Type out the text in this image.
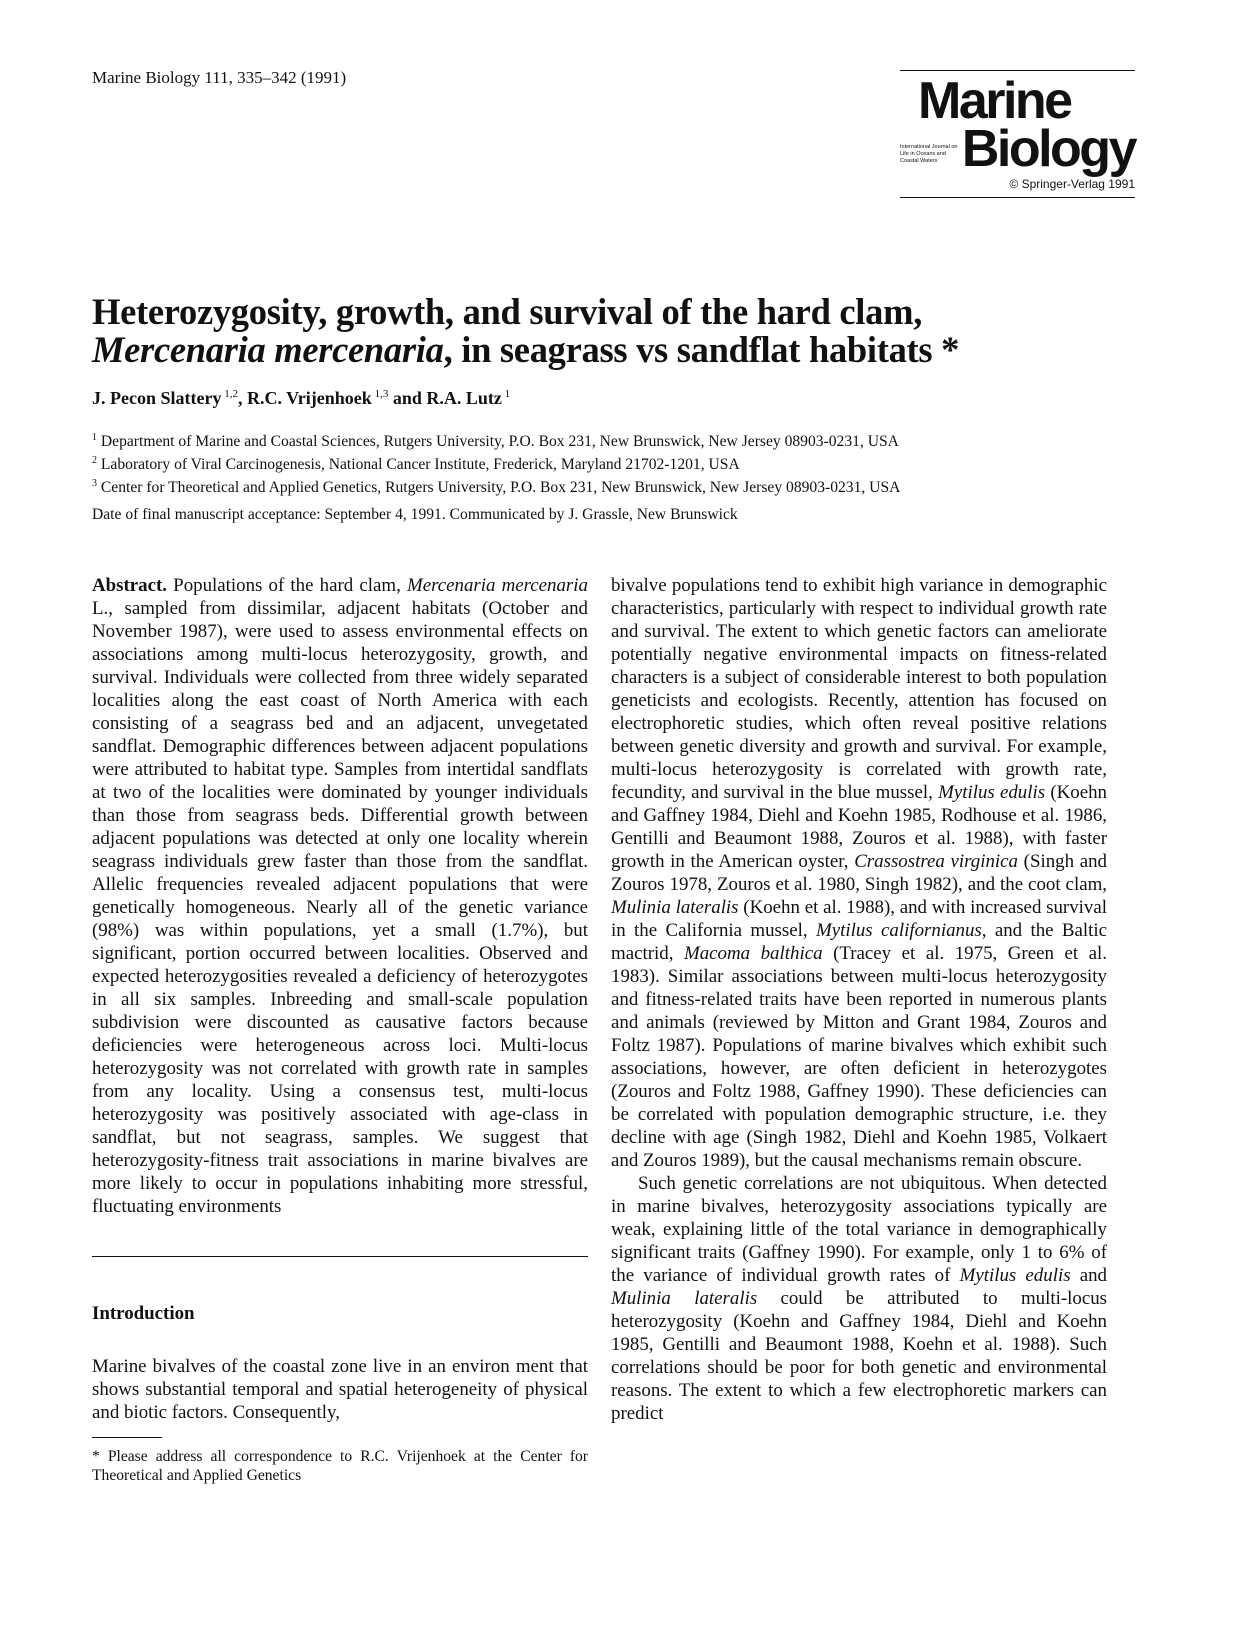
Marine Biology 111, 335–342 (1991)	Marine
International Journal on Life in Oceans and Coastal Waters Biology
© Springer-Verlag 1991
Heterozygosity, growth, and survival of the hard clam,
Mercenaria mercenaria, in seagrass vs sandflat habitats *
J. Pecon Slattery $^{1,2}$, R.C. Vrijenhoek $^{1,3}$ and R.A. Lutz $^1$
$^1$ Department of Marine and Coastal Sciences, Rutgers University, P.O. Box 231, New Brunswick, New Jersey 08903-0231, USA
$^2$ Laboratory of Viral Carcinogenesis, National Cancer Institute, Frederick, Maryland 21702-1201, USA
$^3$ Center for Theoretical and Applied Genetics, Rutgers University, P.O. Box 231, New Brunswick, New Jersey 08903-0231, USA
Date of final manuscript acceptance: September 4, 1991. Communicated by J. Grassle, New Brunswick

Abstract. Populations of the hard clam, Mercenaria mercenaria L., sampled from dissimilar, adjacent habitats (October and November 1987), were used to assess environmental effects on associations among multi-locus heterozygosity, growth, and survival. Individuals were collected from three widely separated localities along the east coast of North America with each consisting of a seagrass bed and an adjacent, unvegetated sandflat. Demographic differences between adjacent populations were attributed to habitat type. Samples from intertidal sandflats at two of the localities were dominated by younger individuals than those from seagrass beds. Differential growth between adjacent populations was detected at only one locality wherein seagrass individuals grew faster than those from the sandflat. Allelic frequencies revealed adjacent populations that were genetically homogeneous. Nearly all of the genetic variance (98%) was within populations, yet a small (1.7%), but significant, portion occurred between localities. Observed and expected heterozygosities revealed a deficiency of heterozygotes in all six samples. Inbreeding and small-scale population subdivision were discounted as causative factors because deficiencies were heterogeneous across loci. Multi-locus heterozygosity was not correlated with growth rate in samples from any locality. Using a consensus test, multi-locus heterozygosity was positively associated with age-class in sandflat, but not seagrass, samples. We suggest that heterozygosity-fitness trait associations in marine bivalves are more likely to occur in populations inhabiting more stressful, fluctuating environments

Introduction
Marine bivalves of the coastal zone live in an environ ment that shows substantial temporal and spatial heterogeneity of physical and biotic factors. Consequently,
* Please address all correspondence to R.C. Vrijenhoek at the Center for Theoretical and Applied Genetics

bivalve populations tend to exhibit high variance in demographic characteristics, particularly with respect to individual growth rate and survival. The extent to which genetic factors can ameliorate potentially negative environmental impacts on fitness-related characters is a subject of considerable interest to both population geneticists and ecologists. Recently, attention has focused on electrophoretic studies, which often reveal positive relations between genetic diversity and growth and survival. For example, multi-locus heterozygosity is correlated with growth rate, fecundity, and survival in the blue mussel, Mytilus edulis (Koehn and Gaffney 1984, Diehl and Koehn 1985, Rodhouse et al. 1986, Gentilli and Beaumont 1988, Zouros et al. 1988), with faster growth in the American oyster, Crassostrea virginica (Singh and Zouros 1978, Zouros et al. 1980, Singh 1982), and the coot clam, Mulinia lateralis (Koehn et al. 1988), and with increased survival in the California mussel, Mytilus californianus, and the Baltic mactrid, Macoma balthica (Tracey et al. 1975, Green et al. 1983). Similar associations between multi-locus heterozygosity and fitness-related traits have been reported in numerous plants and animals (reviewed by Mitton and Grant 1984, Zouros and Foltz 1987). Populations of marine bivalves which exhibit such associations, however, are often deficient in heterozygotes (Zouros and Foltz 1988, Gaffney 1990). These deficiencies can be correlated with population demographic structure, i.e. they decline with age (Singh 1982, Diehl and Koehn 1985, Volkaert and Zouros 1989), but the causal mechanisms remain obscure.

Such genetic correlations are not ubiquitous. When detected in marine bivalves, heterozygosity associations typically are weak, explaining little of the total variance in demographically significant traits (Gaffney 1990). For example, only 1 to 6% of the variance of individual growth rates of Mytilus edulis and Mulinia lateralis could be attributed to multi-locus heterozygosity (Koehn and Gaffney 1984, Diehl and Koehn 1985, Gentilli and Beaumont 1988, Koehn et al. 1988). Such correlations should be poor for both genetic and environmental reasons. The extent to which a few electrophoretic markers can predict
